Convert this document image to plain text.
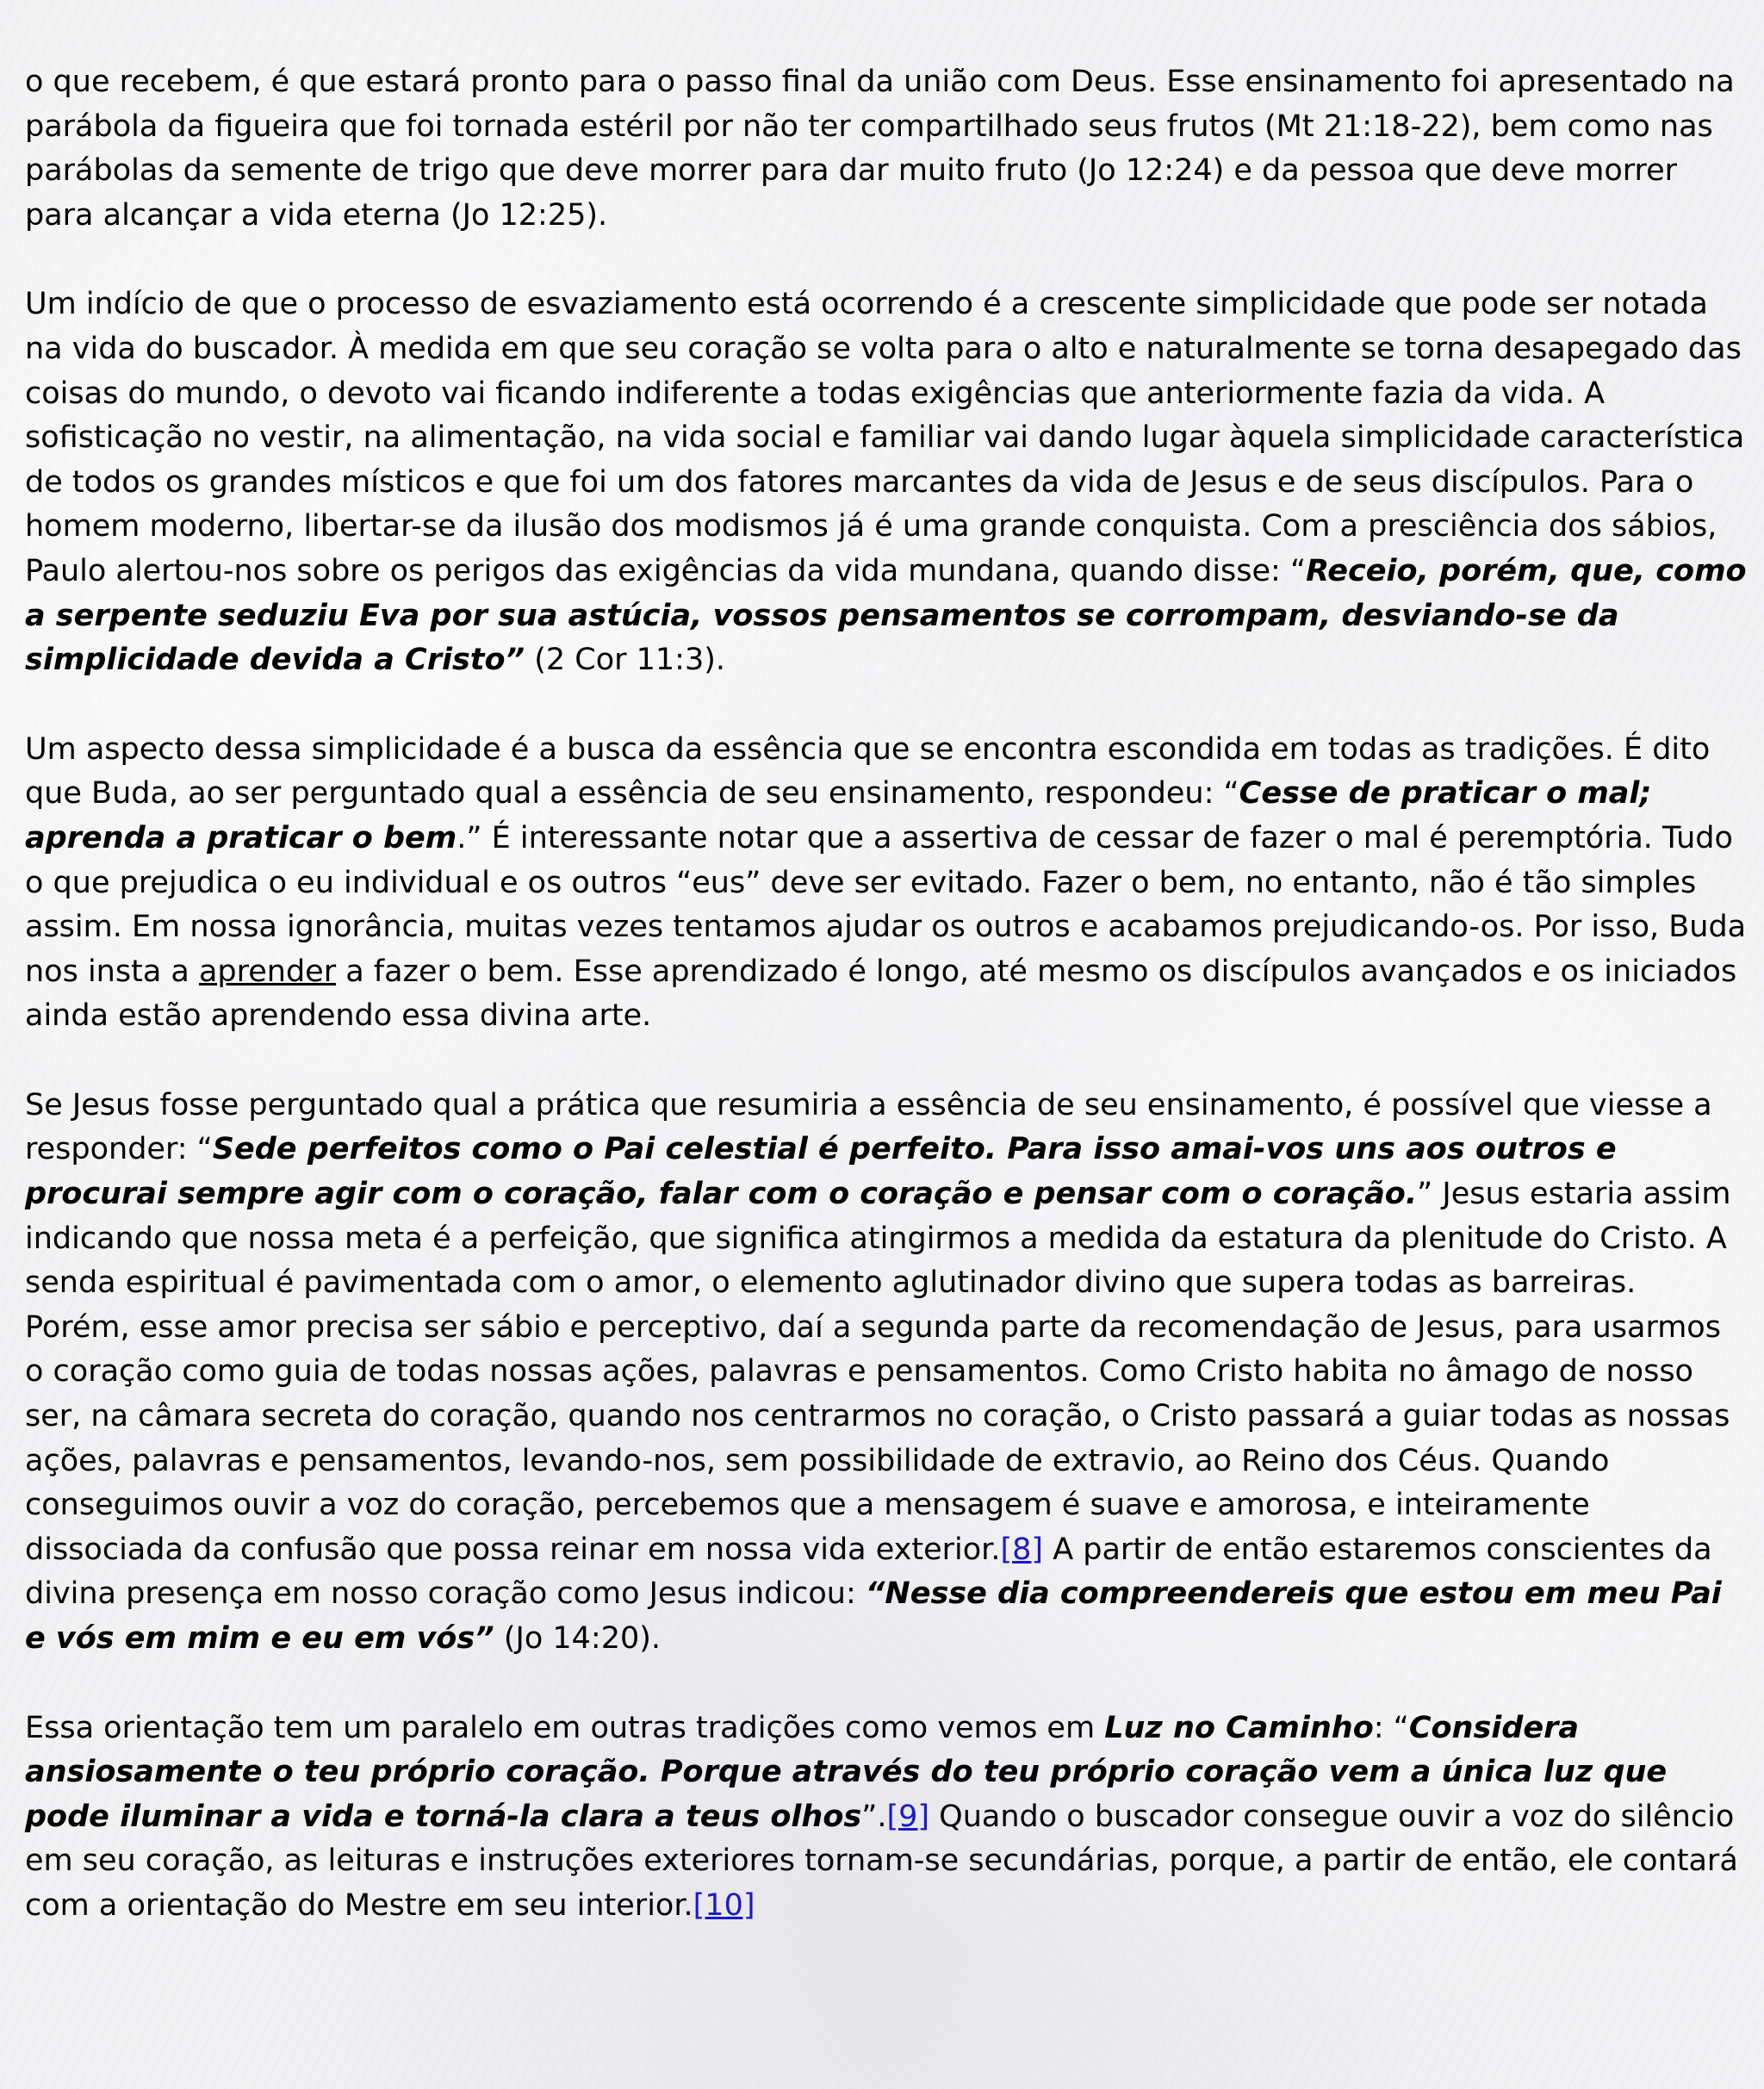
o que recebem, é que estará pronto para o passo final da união com Deus. Esse ensinamento foi apresentado na parábola da figueira que foi tornada estéril por não ter compartilhado seus frutos (Mt 21:18-22), bem como nas parábolas da semente de trigo que deve morrer para dar muito fruto (Jo 12:24) e da pessoa que deve morrer para alcançar a vida eterna (Jo 12:25).

Um indício de que o processo de esvaziamento está ocorrendo é a crescente simplicidade que pode ser notada na vida do buscador. À medida em que seu coração se volta para o alto e naturalmente se torna desapegado das coisas do mundo, o devoto vai ficando indiferente a todas exigências que anteriormente fazia da vida. A sofisticação no vestir, na alimentação, na vida social e familiar vai dando lugar àquela simplicidade característica de todos os grandes místicos e que foi um dos fatores marcantes da vida de Jesus e de seus discípulos. Para o homem moderno, libertar-se da ilusão dos modismos já é uma grande conquista. Com a presciência dos sábios, Paulo alertou-nos sobre os perigos das exigências da vida mundana, quando disse: “Receio, porém, que, como a serpente seduziu Eva por sua astúcia, vossos pensamentos se corrompam, desviando-se da simplicidade devida a Cristo” (2 Cor 11:3).

Um aspecto dessa simplicidade é a busca da essência que se encontra escondida em todas as tradições. É dito que Buda, ao ser perguntado qual a essência de seu ensinamento, respondeu: “Cesse de praticar o mal; aprenda a praticar o bem.” É interessante notar que a assertiva de cessar de fazer o mal é peremptória. Tudo o que prejudica o eu individual e os outros “eus” deve ser evitado. Fazer o bem, no entanto, não é tão simples assim. Em nossa ignorância, muitas vezes tentamos ajudar os outros e acabamos prejudicando-os. Por isso, Buda nos insta a aprender a fazer o bem. Esse aprendizado é longo, até mesmo os discípulos avançados e os iniciados ainda estão aprendendo essa divina arte.

Se Jesus fosse perguntado qual a prática que resumiria a essência de seu ensinamento, é possível que viesse a responder: “Sede perfeitos como o Pai celestial é perfeito. Para isso amai-vos uns aos outros e procurai sempre agir com o coração, falar com o coração e pensar com o coração.” Jesus estaria assim indicando que nossa meta é a perfeição, que significa atingirmos a medida da estatura da plenitude do Cristo. A senda espiritual é pavimentada com o amor, o elemento aglutinador divino que supera todas as barreiras. Porém, esse amor precisa ser sábio e perceptivo, daí a segunda parte da recomendação de Jesus, para usarmos o coração como guia de todas nossas ações, palavras e pensamentos. Como Cristo habita no âmago de nosso ser, na câmara secreta do coração, quando nos centrarmos no coração, o Cristo passará a guiar todas as nossas ações, palavras e pensamentos, levando-nos, sem possibilidade de extravio, ao Reino dos Céus. Quando conseguimos ouvir a voz do coração, percebemos que a mensagem é suave e amorosa, e inteiramente dissociada da confusão que possa reinar em nossa vida exterior.[8] A partir de então estaremos conscientes da divina presença em nosso coração como Jesus indicou: “Nesse dia compreendereis que estou em meu Pai e vós em mim e eu em vós” (Jo 14:20).

Essa orientação tem um paralelo em outras tradições como vemos em Luz no Caminho: “Considera ansiosamente o teu próprio coração. Porque através do teu próprio coração vem a única luz que pode iluminar a vida e torná-la clara a teus olhos”.[9] Quando o buscador consegue ouvir a voz do silêncio em seu coração, as leituras e instruções exteriores tornam-se secundárias, porque, a partir de então, ele contará com a orientação do Mestre em seu interior.[10]
